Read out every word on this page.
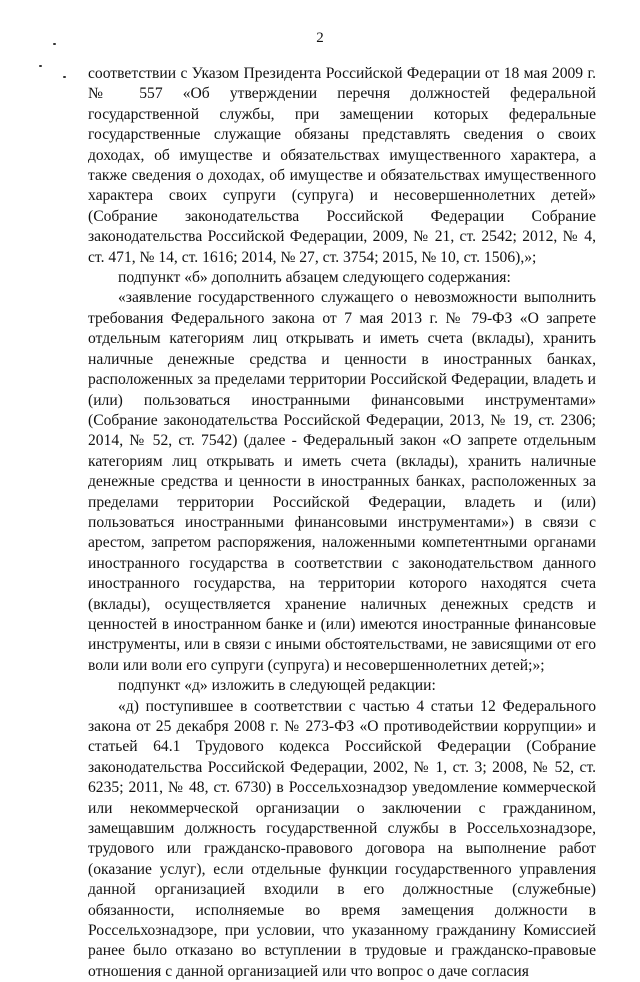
2

соответствии с Указом Президента Российской Федерации от 18 мая 2009 г. № 557 «Об утверждении перечня должностей федеральной государственной службы, при замещении которых федеральные государственные служащие обязаны представлять сведения о своих доходах, об имуществе и обязательствах имущественного характера, а также сведения о доходах, об имуществе и обязательствах имущественного характера своих супруги (супруга) и несовершеннолетних детей» (Собрание законодательства Российской Федерации Собрание законодательства Российской Федерации, 2009, № 21, ст. 2542; 2012, № 4, ст. 471, № 14, ст. 1616; 2014, № 27, ст. 3754; 2015, № 10, ст. 1506),»;

подпункт «б» дополнить абзацем следующего содержания:

«заявление государственного служащего о невозможности выполнить требования Федерального закона от 7 мая 2013 г. № 79-ФЗ «О запрете отдельным категориям лиц открывать и иметь счета (вклады), хранить наличные денежные средства и ценности в иностранных банках, расположенных за пределами территории Российской Федерации, владеть и (или) пользоваться иностранными финансовыми инструментами» (Собрание законодательства Российской Федерации, 2013, № 19, ст. 2306; 2014, № 52, ст. 7542) (далее - Федеральный закон «О запрете отдельным категориям лиц открывать и иметь счета (вклады), хранить наличные денежные средства и ценности в иностранных банках, расположенных за пределами территории Российской Федерации, владеть и (или) пользоваться иностранными финансовыми инструментами») в связи с арестом, запретом распоряжения, наложенными компетентными органами иностранного государства в соответствии с законодательством данного иностранного государства, на территории которого находятся счета (вклады), осуществляется хранение наличных денежных средств и ценностей в иностранном банке и (или) имеются иностранные финансовые инструменты, или в связи с иными обстоятельствами, не зависящими от его воли или воли его супруги (супруга) и несовершеннолетних детей;»;

подпункт «д» изложить в следующей редакции:

«д) поступившее в соответствии с частью 4 статьи 12 Федерального закона от 25 декабря 2008 г. № 273-ФЗ «О противодействии коррупции» и статьей 64.1 Трудового кодекса Российской Федерации (Собрание законодательства Российской Федерации, 2002, № 1, ст. 3; 2008, № 52, ст. 6235; 2011, № 48, ст. 6730) в Россельхознадзор уведомление коммерческой или некоммерческой организации о заключении с гражданином, замещавшим должность государственной службы в Россельхознадзоре, трудового или гражданско-правового договора на выполнение работ (оказание услуг), если отдельные функции государственного управления данной организацией входили в его должностные (служебные) обязанности, исполняемые во время замещения должности в Россельхознадзоре, при условии, что указанному гражданину Комиссией ранее было отказано во вступлении в трудовые и гражданско-правовые отношения с данной организацией или что вопрос о даче согласия
